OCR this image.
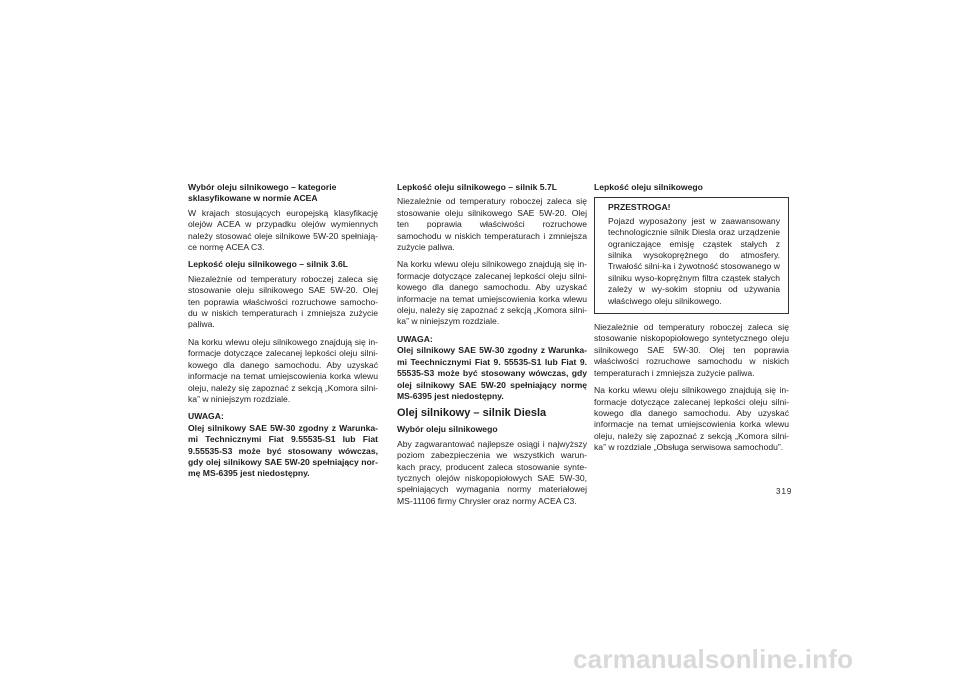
Wybór oleju silnikowego – kategorie sklasyfikowane w normie ACEA

W krajach stosujących europejską klasyfikację olejów ACEA w przypadku olejów wymiennych należy stosować oleje silnikowe 5W-20 spełniają-ce normę ACEA C3.

Lepkość oleju silnikowego – silnik 3.6L

Niezależnie od temperatury roboczej zaleca się stosowanie oleju silnikowego SAE 5W-20. Olej ten poprawia właściwości rozruchowe samocho-du w niskich temperaturach i zmniejsza zużycie paliwa.

Na korku wlewu oleju silnikowego znajdują się in-formacje dotyczące zalecanej lepkości oleju silni-kowego dla danego samochodu. Aby uzyskać informacje na temat umiejscowienia korka wlewu oleju, należy się zapoznać z sekcją „Komora silni-ka” w niniejszym rozdziale.

UWAGA:

Olej silnikowy SAE 5W-30 zgodny z Warunka-mi Technicznymi Fiat 9.55535-S1 lub Fiat 9.55535-S3 może być stosowany wówczas, gdy olej silnikowy SAE 5W-20 spełniający nor-mę MS-6395 jest niedostępny.

Lepkość oleju silnikowego – silnik 5.7L

Niezależnie od temperatury roboczej zaleca się stosowanie oleju silnikowego SAE 5W-20. Olej ten poprawia właściwości rozruchowe samochodu w niskich temperaturach i zmniejsza zużycie paliwa.

Na korku wlewu oleju silnikowego znajdują się in-formacje dotyczące zalecanej lepkości oleju silni-kowego dla danego samochodu. Aby uzyskać informacje na temat umiejscowienia korka wlewu oleju, należy się zapoznać z sekcją „Komora silni-ka” w niniejszym rozdziale.

UWAGA:

Olej silnikowy SAE 5W-30 zgodny z Warunka-mi Teechnicznymi Fiat 9. 55535-S1 lub Fiat 9. 55535-S3 może być stosowany wówczas, gdy olej silnikowy SAE 5W-20 spełniający normę MS-6395 jest niedostępny.

Olej silnikowy – silnik Diesla

Wybór oleju silnikowego

Aby zagwarantować najlepsze osiągi i najwyższy poziom zabezpieczenia we wszystkich warun-kach pracy, producent zaleca stosowanie synte-tycznych olejów niskopopiołowych SAE 5W-30, spełniających wymagania normy materiałowej MS-11106 firmy Chrysler oraz normy ACEA C3.

Lepkość oleju silnikowego

PRZESTROGA!

Pojazd wyposażony jest w zaawansowany technologicznie silnik Diesla oraz urządzenie ograniczające emisję cząstek stałych z silnika wysokoprężnego do atmosfery. Trwałość silni-ka i żywotność stosowanego w silniku wyso-koprężnym filtra cząstek stałych zależy w wy-sokim stopniu od używania właściwego oleju silnikowego.

Niezależnie od temperatury roboczej zaleca się stosowanie niskopopiołowego syntetycznego oleju silnikowego SAE 5W-30. Olej ten poprawia właściwości rozruchowe samochodu w niskich temperaturach i zmniejsza zużycie paliwa.

Na korku wlewu oleju silnikowego znajdują się in-formacje dotyczące zalecanej lepkości oleju silni-kowego dla danego samochodu. Aby uzyskać informacje na temat umiejscowienia korka wlewu oleju, należy się zapoznać z sekcją „Komora silni-ka” w rozdziale „Obsługa serwisowa samochodu”.

319
carmanualsonline.info
